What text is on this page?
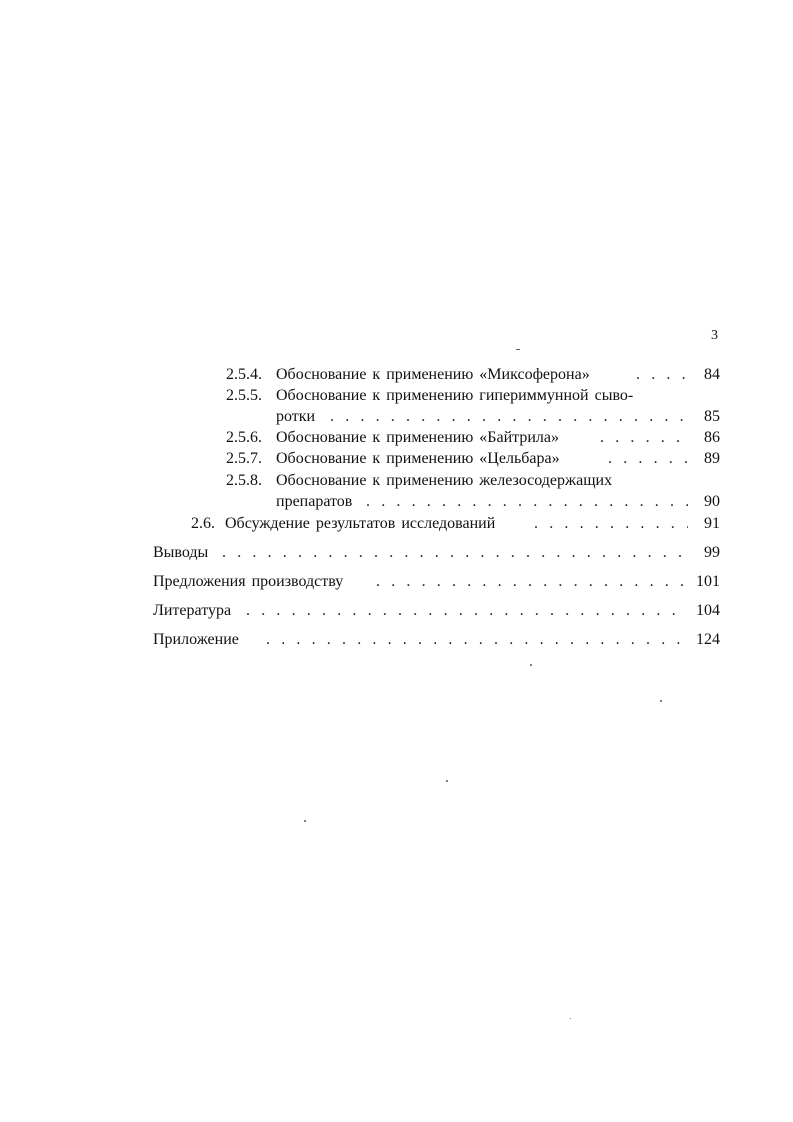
3
2.5.4. Обоснование к применению «Миксоферона» . . .	84
2.5.5. Обоснование к применению гипериммунной сыво-
ротки . . .	85
2.5.6. Обоснование к применению «Байтрила» . . .	86
2.5.7. Обоснование к применению «Цельбара» . . .	89
2.5.8. Обоснование к применению железосодержащих
препаратов . . .	90
2.6. Обсуждение результатов исследований . . .	91
Выводы . . .	99
Предложения производству . . .	101
Литература . . .	104
Приложение . . .	124
